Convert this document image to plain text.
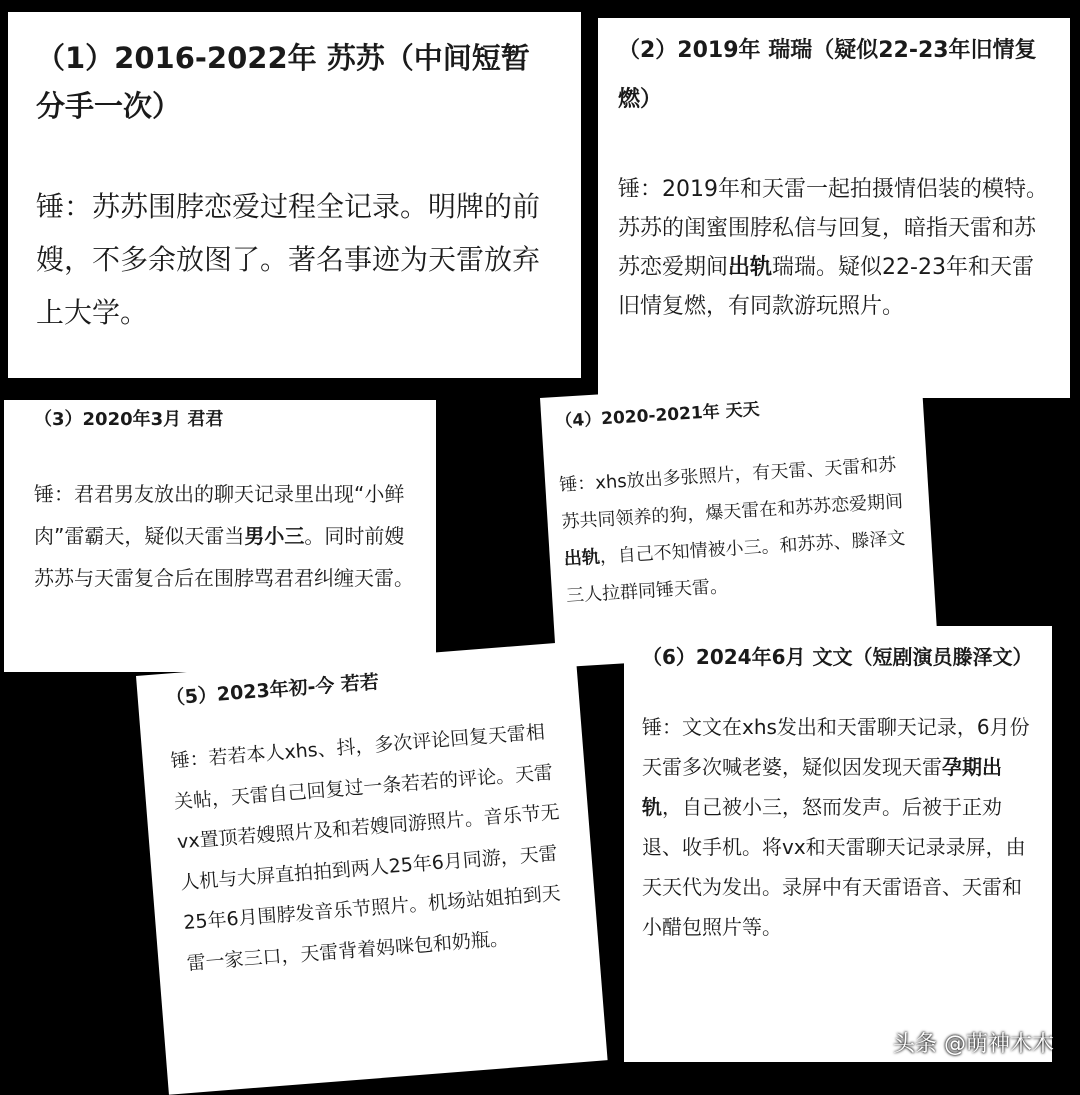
（1）2016-2022年 苏苏（中间短暂分手一次）
锤：苏苏围脖恋爱过程全记录。明牌的前嫂，不多余放图了。著名事迹为天雷放弃上大学。
（2）2019年 瑞瑞（疑似22-23年旧情复燃）
锤：2019年和天雷一起拍摄情侣装的模特。苏苏的闺蜜围脖私信与回复，暗指天雷和苏苏恋爱期间出轨瑞瑞。疑似22-23年和天雷旧情复燃，有同款游玩照片。
（3）2020年3月 君君
锤：君君男友放出的聊天记录里出现“小鲜肉”雷霸天，疑似天雷当男小三。同时前嫂苏苏与天雷复合后在围脖骂君君纠缠天雷。
（4）2020-2021年 天天
锤：xhs放出多张照片，有天雷、天雷和苏苏共同领养的狗，爆天雷在和苏苏恋爱期间出轨，自己不知情被小三。和苏苏、滕泽文三人拉群同锤天雷。
（5）2023年初-今 若若
锤：若若本人xhs、抖，多次评论回复天雷相关帖，天雷自己回复过一条若若的评论。天雷vx置顶若嫂照片及和若嫂同游照片。音乐节无人机与大屏直拍拍到两人25年6月同游，天雷25年6月围脖发音乐节照片。机场站姐拍到天雷一家三口，天雷背着妈咪包和奶瓶。
（6）2024年6月 文文（短剧演员滕泽文）
锤：文文在xhs发出和天雷聊天记录，6月份天雷多次喊老婆，疑似因发现天雷孕期出轨，自己被小三，怒而发声。后被于正劝退、收手机。将vx和天雷聊天记录录屏，由天天代为发出。录屏中有天雷语音、天雷和小醋包照片等。
头条 @萌神木木
